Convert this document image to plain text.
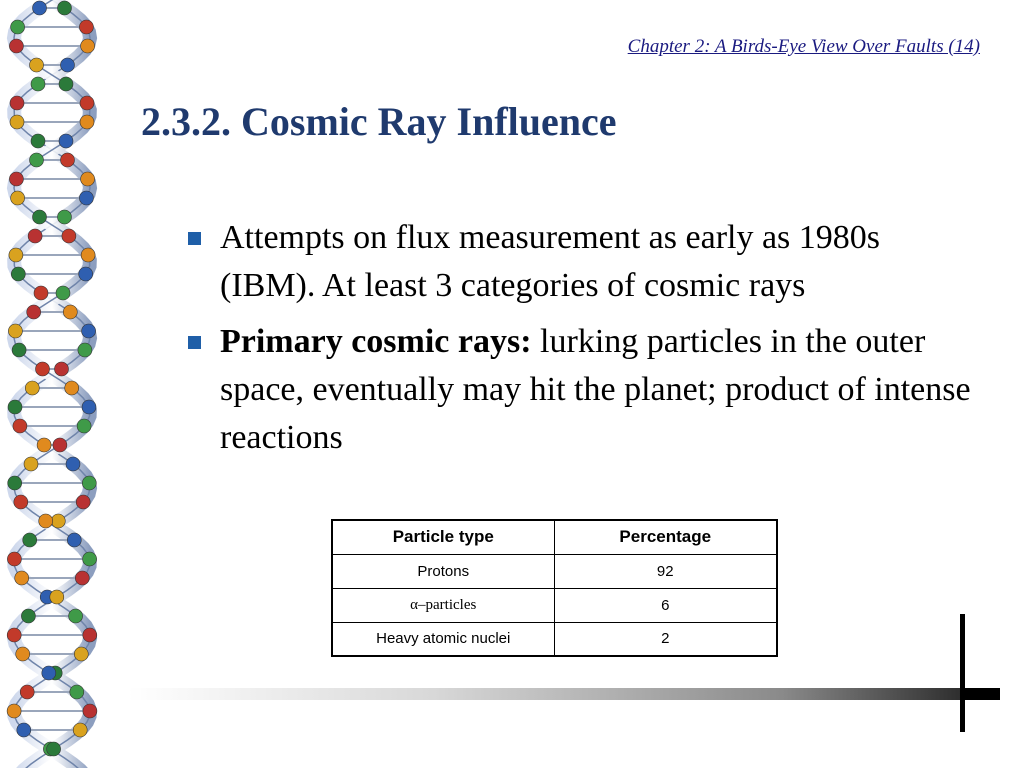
Chapter 2: A Birds-Eye View Over Faults (14)
2.3.2. Cosmic Ray Influence
Attempts on flux measurement as early as 1980s (IBM). At least 3 categories of cosmic rays
Primary cosmic rays: lurking particles in the outer space, eventually may hit the planet; product of intense reactions
Particle type	Percentage
Protons	92
α–particles	6
Heavy atomic nuclei	2
